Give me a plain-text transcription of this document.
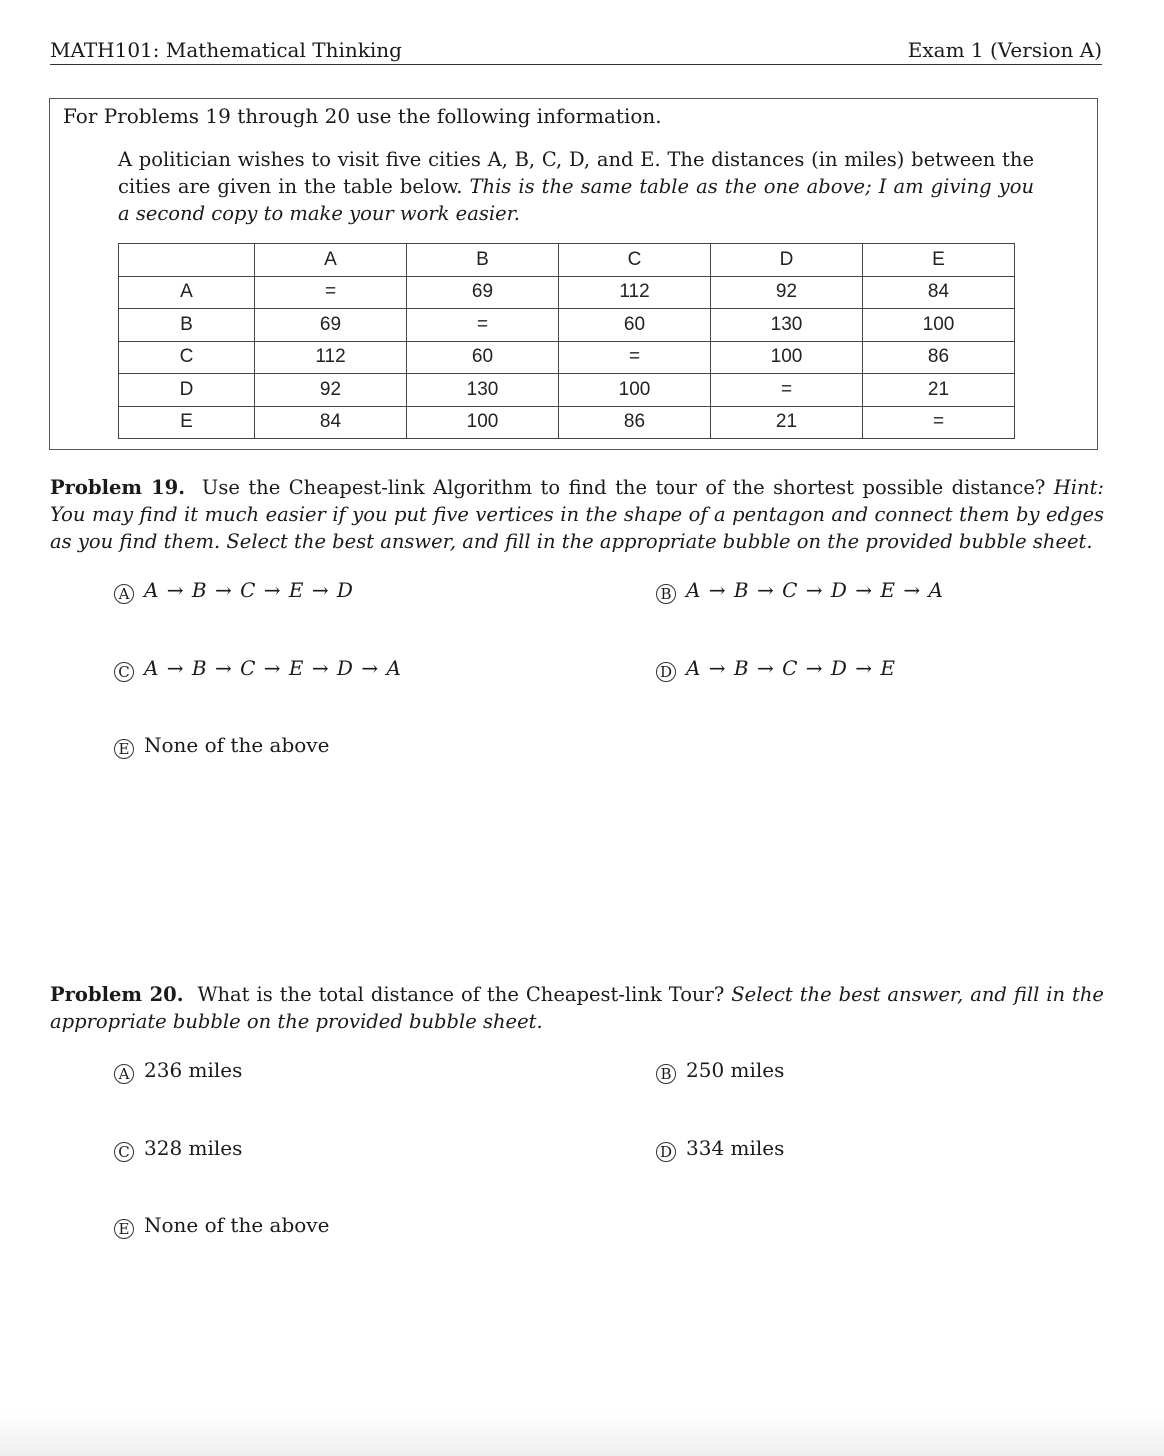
MATH101: Mathematical Thinking	Exam 1 (Version A)
For Problems 19 through 20 use the following information.
A politician wishes to visit five cities A, B, C, D, and E. The distances (in miles) between the cities are given in the table below. This is the same table as the one above; I am giving you a second copy to make your work easier.
	A	B	C	D	E
A	=	69	112	92	84
B	69	=	60	130	100
C	112	60	=	100	86
D	92	130	100	=	21
E	84	100	86	21	=
Problem 19. Use the Cheapest-link Algorithm to find the tour of the shortest possible distance? Hint: You may find it much easier if you put five vertices in the shape of a pentagon and connect them by edges as you find them. Select the best answer, and fill in the appropriate bubble on the provided bubble sheet.
A A → B → C → E → D	B A → B → C → D → E → A
C A → B → C → E → D → A	D A → B → C → D → E
E None of the above
Problem 20. What is the total distance of the Cheapest-link Tour? Select the best answer, and fill in the appropriate bubble on the provided bubble sheet.
A 236 miles	B 250 miles
C 328 miles	D 334 miles
E None of the above
